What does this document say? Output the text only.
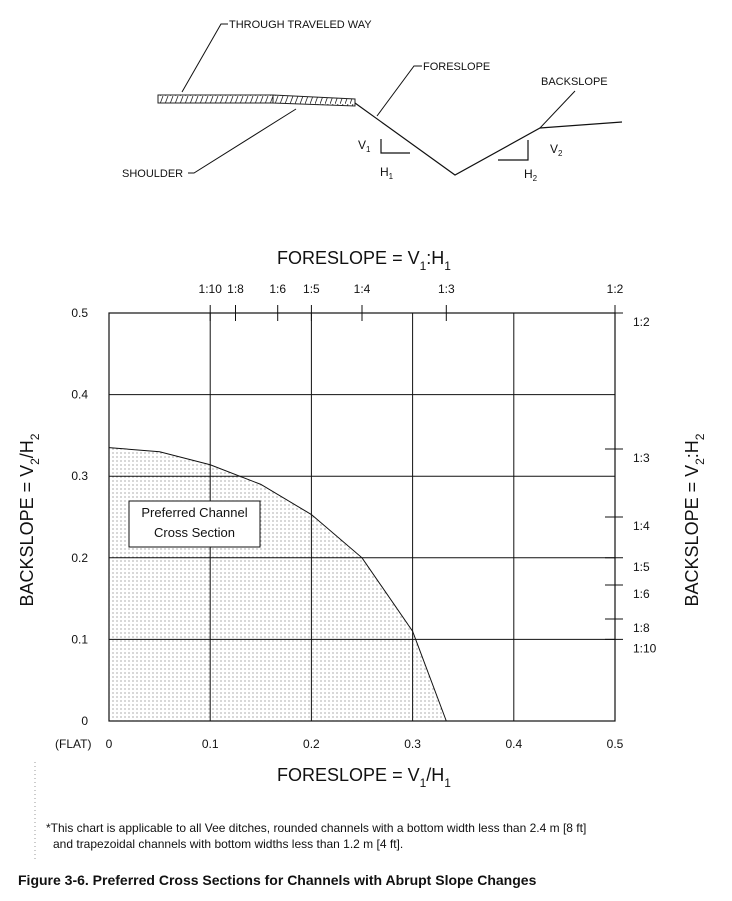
THROUGH TRAVELED WAY
FORESLOPE
BACKSLOPE
SHOULDER
$V_1$
$H_1$
$V_2$
$H_2$
Preferred Channel
Cross Section
0	0.1	0.2	0.3	0.4	0.5
0
0.1
0.2
0.3
0.4
0.5
1:10 1:8 1:6 1:5	1:4	1:3	1:2
1:2
1:3
1:4
1:5
1:6
1:8
1:10
(FLAT)
FORESLOPE = $V_1:H_1$
FORESLOPE = $V_1/H_1$
BACKSLOPE = $V_2/H_2$
BACKSLOPE = $V_2:H_2$
*This chart is applicable to all Vee ditches, rounded channels with a bottom width less than 2.4 m [8 ft]
and trapezoidal channels with bottom widths less than 1.2 m [4 ft].
Figure 3-6. Preferred Cross Sections for Channels with Abrupt Slope Changes
